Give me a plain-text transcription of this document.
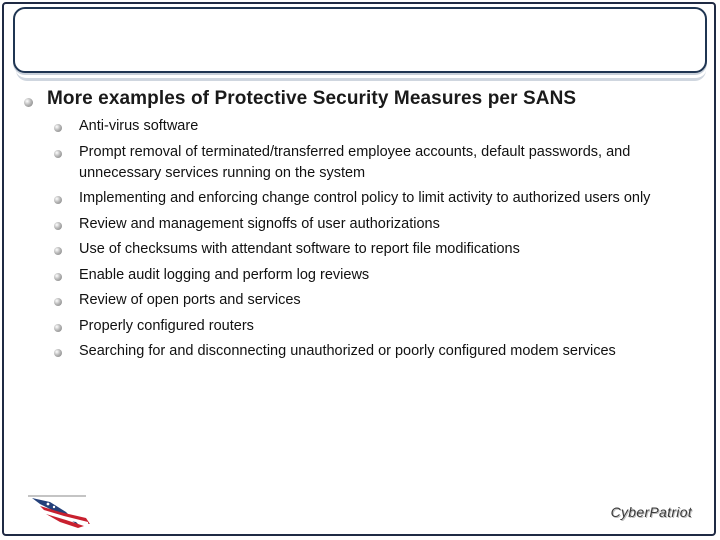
More examples of Protective Security Measures per SANS
Anti-virus software
Prompt removal of terminated/transferred employee accounts, default passwords, and unnecessary services running on the system
Implementing and enforcing change control policy to limit activity to authorized users only
Review and management signoffs of user authorizations
Use of checksums with attendant software to report file modifications
Enable audit logging and perform log reviews
Review of open ports and services
Properly configured routers
Searching for and disconnecting unauthorized or poorly configured modem services
CyberPatriot
